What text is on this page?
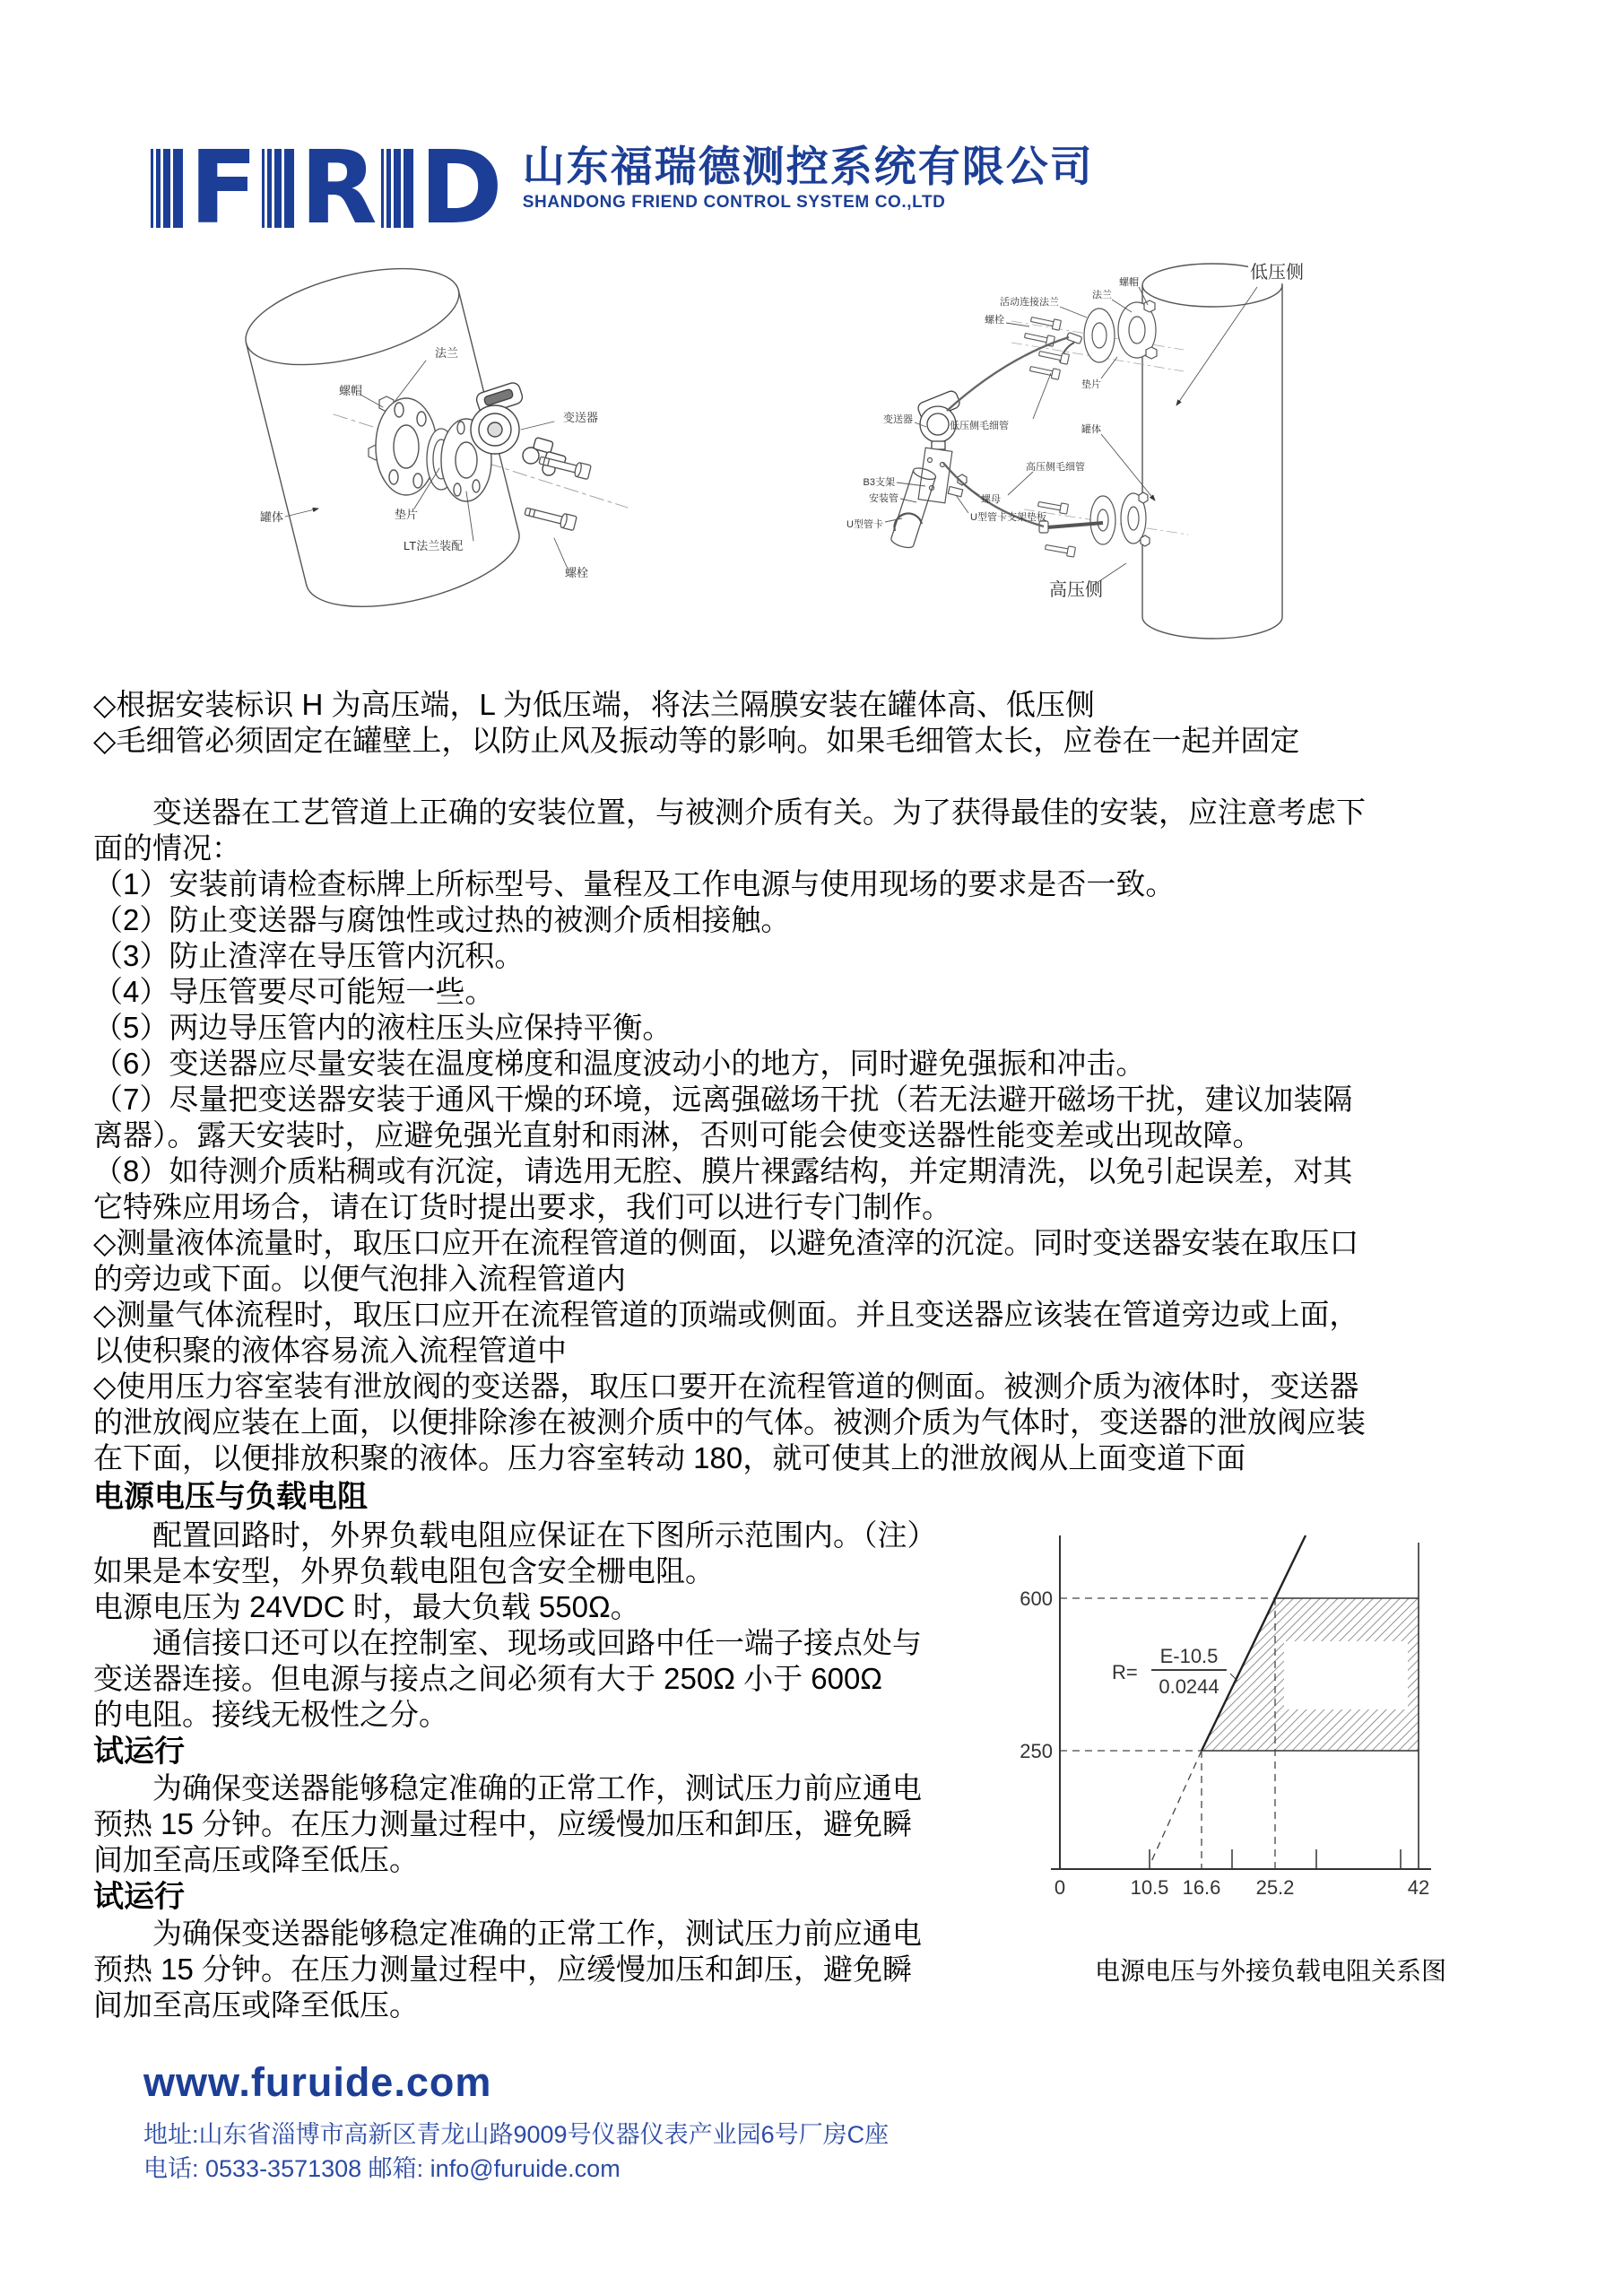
F R D 山东福瑞德测控系统有限公司
SHANDONG FRIEND CONTROL SYSTEM CO.,LTD
法兰
螺帽
变送器
罐体	垫片
LT法兰装配
螺栓
低压侧
螺帽
法兰
活动连接法兰
螺栓
垫片
低压侧毛细管
变送器
罐体
高压侧毛细管
B3支架
安装管	螺母
U型管卡支架垫板
U型管卡
高压侧
◇根据安装标识 H 为高压端，L 为低压端，将法兰隔膜安装在罐体高、低压侧
◇毛细管必须固定在罐壁上，以防止风及振动等的影响。如果毛细管太长，应卷在一起并固定
　　变送器在工艺管道上正确的安装位置，与被测介质有关。为了获得最佳的安装，应注意考虑下
面的情况：
（1）安装前请检查标牌上所标型号、量程及工作电源与使用现场的要求是否一致。
（2）防止变送器与腐蚀性或过热的被测介质相接触。
（3）防止渣滓在导压管内沉积。
（4）导压管要尽可能短一些。
（5）两边导压管内的液柱压头应保持平衡。
（6）变送器应尽量安装在温度梯度和温度波动小的地方，同时避免强振和冲击。
（7）尽量把变送器安装于通风干燥的环境，远离强磁场干扰（若无法避开磁场干扰，建议加装隔
离器）。露天安装时，应避免强光直射和雨淋，否则可能会使变送器性能变差或出现故障。
（8）如待测介质粘稠或有沉淀，请选用无腔、膜片裸露结构，并定期清洗，以免引起误差，对其
它特殊应用场合，请在订货时提出要求，我们可以进行专门制作。
◇测量液体流量时，取压口应开在流程管道的侧面，以避免渣滓的沉淀。同时变送器安装在取压口
的旁边或下面。以便气泡排入流程管道内
◇测量气体流程时，取压口应开在流程管道的顶端或侧面。并且变送器应该装在管道旁边或上面，
以使积聚的液体容易流入流程管道中
◇使用压力容室装有泄放阀的变送器，取压口要开在流程管道的侧面。被测介质为液体时，变送器
的泄放阀应装在上面，以便排除渗在被测介质中的气体。被测介质为气体时，变送器的泄放阀应装
在下面，以便排放积聚的液体。压力容室转动 180，就可使其上的泄放阀从上面变道下面
电源电压与负载电阻
　　配置回路时，外界负载电阻应保证在下图所示范围内。（注）
如果是本安型，外界负载电阻包含安全栅电阻。
电源电压为 24VDC 时，最大负载 550Ω。
　　通信接口还可以在控制室、现场或回路中任一端子接点处与
变送器连接。但电源与接点之间必须有大于 250Ω 小于 600Ω
的电阻。接线无极性之分。
试运行
　　为确保变送器能够稳定准确的正常工作，测试压力前应通电
预热 15 分钟。在压力测量过程中，应缓慢加压和卸压，避免瞬
间加至高压或降至低压。
试运行
　　为确保变送器能够稳定准确的正常工作，测试压力前应通电
预热 15 分钟。在压力测量过程中，应缓慢加压和卸压，避免瞬
间加至高压或降至低压。
R=
E-10.5
0.0244
600
250
0	10.5 16.6 25.2	42
电源电压与外接负载电阻关系图
www.furuide.com
地址:山东省淄博市高新区青龙山路9009号仪器仪表产业园6号厂房C座
电话: 0533-3571308 邮箱: info@furuide.com
